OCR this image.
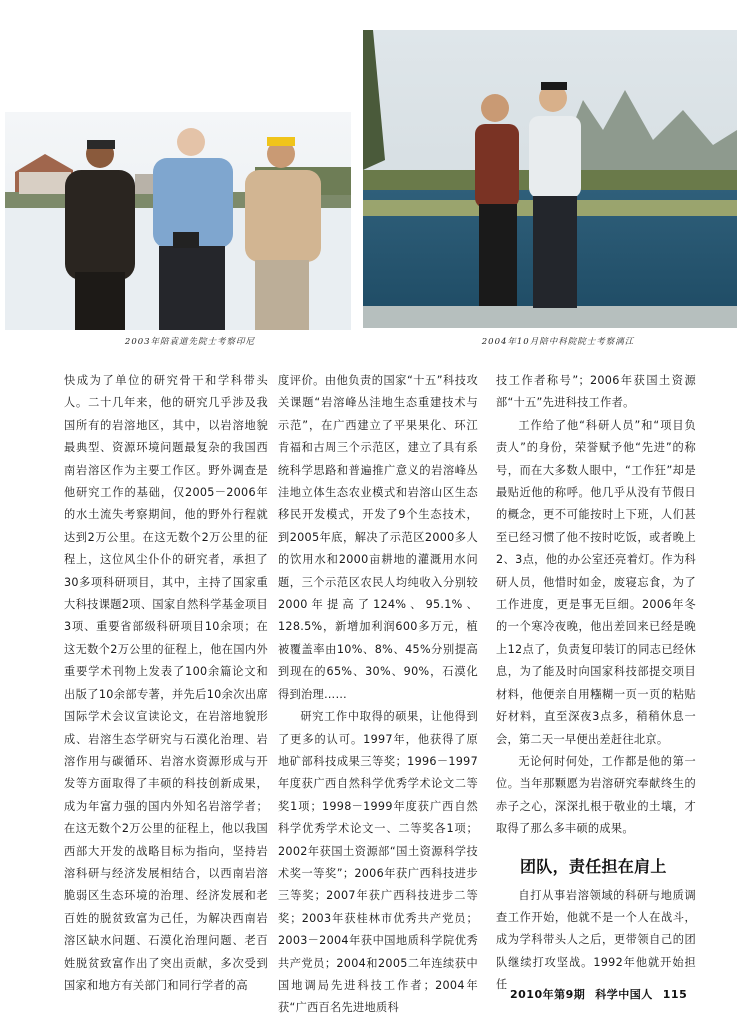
2003年陪袁道先院士考察印尼	2004年10月陪中科院院士考察漓江

快成为了单位的研究骨干和学科带头人。二十几年来，他的研究几乎涉及我国所有的岩溶地区，其中，以岩溶地貌最典型、资源环境问题最复杂的我国西南岩溶区作为主要工作区。野外调查是他研究工作的基础，仅2005－2006年的水土流失考察期间，他的野外行程就达到2万公里。在这无数个2万公里的征程上，这位风尘仆仆的研究者，承担了30多项科研项目，其中，主持了国家重大科技课题2项、国家自然科学基金项目3项、重要省部级科研项目10余项；在这无数个2万公里的征程上，他在国内外重要学术刊物上发表了100余篇论文和出版了10余部专著，并先后10余次出席国际学术会议宣读论文，在岩溶地貌形成、岩溶生态学研究与石漠化治理、岩溶作用与碳循环、岩溶水资源形成与开发等方面取得了丰硕的科技创新成果，成为年富力强的国内外知名岩溶学者；在这无数个2万公里的征程上，他以我国西部大开发的战略目标为指向，坚持岩溶科研与经济发展相结合，以西南岩溶脆弱区生态环境的治理、经济发展和老百姓的脱贫致富为己任，为解决西南岩溶区缺水问题、石漠化治理问题、老百姓脱贫致富作出了突出贡献，多次受到国家和地方有关部门和同行学者的高

度评价。由他负责的国家“十五”科技攻关课题“岩溶峰丛洼地生态重建技术与示范”，在广西建立了平果果化、环江肯福和古周三个示范区，建立了具有系统科学思路和普遍推广意义的岩溶峰丛洼地立体生态农业模式和岩溶山区生态移民开发模式，开发了9个生态技术，到2005年底，解决了示范区2000多人的饮用水和2000亩耕地的灌溉用水问题，三个示范区农民人均纯收入分别较2000年提高了124%、95.1%、128.5%，新增加利润600多万元，植被覆盖率由10%、8%、45%分别提高到现在的65%、30%、90%，石漠化得到治理……

研究工作中取得的硕果，让他得到了更多的认可。1997年，他获得了原地矿部科技成果三等奖；1996－1997年度获广西自然科学优秀学术论文二等奖1项；1998－1999年度获广西自然科学优秀学术论文一、二等奖各1项；2002年获国土资源部“国土资源科学技术奖一等奖”；2006年获广西科技进步三等奖；2007年获广西科技进步二等奖；2003年获桂林市优秀共产党员；2003－2004年获中国地质科学院优秀共产党员；2004和2005二年连续获中国地调局先进科技工作者；2004年获“广西百名先进地质科

技工作者称号”；2006年获国土资源部“十五”先进科技工作者。

工作给了他“科研人员”和“项目负责人”的身份，荣誉赋予他“先进”的称号，而在大多数人眼中，“工作狂”却是最贴近他的称呼。他几乎从没有节假日的概念，更不可能按时上下班，人们甚至已经习惯了他不按时吃饭，或者晚上2、3点，他的办公室还亮着灯。作为科研人员，他惜时如金，废寝忘食，为了工作进度，更是事无巨细。2006年冬的一个寒冷夜晚，他出差回来已经是晚上12点了，负责复印装订的同志已经休息，为了能及时向国家科技部提交项目材料，他便亲自用糨糊一页一页的粘贴好材料，直至深夜3点多，稍稍休息一会，第二天一早便出差赶往北京。

无论何时何处，工作都是他的第一位。当年那颗愿为岩溶研究奉献终生的赤子之心，深深扎根于敬业的土壤，才取得了那么多丰硕的成果。

团队，责任担在肩上

自打从事岩溶领域的科研与地质调查工作开始，他就不是一个人在战斗，成为学科带头人之后，更带领自己的团队继续打攻坚战。1992年他就开始担任

2010年第9期 科学中国人 115
